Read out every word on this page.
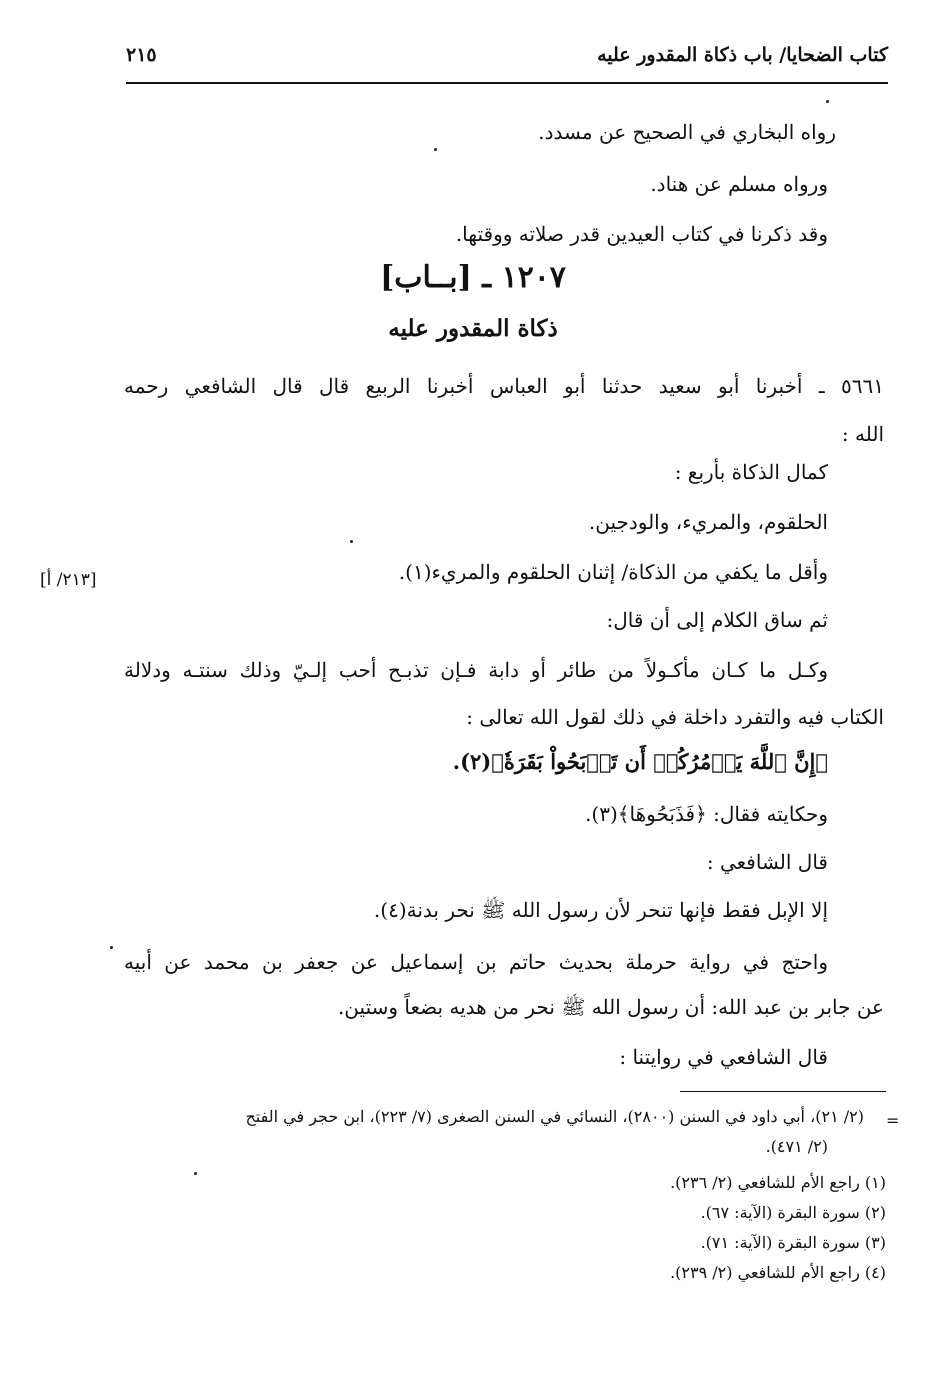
كتاب الضحايا/ باب ذكاة المقدور عليه
٢١٥
رواه البخاري في الصحيح عن مسدد.
ورواه مسلم عن هناد.
وقد ذكرنا في كتاب العيدين قدر صلاته ووقتها.
١٢٠٧ ـ [بــاب]
ذكاة المقدور عليه
٥٦٦١ ـ أخبرنا أبو سعيد حدثنا أبو العباس أخبرنا الربيع قال قال الشافعي رحمه
الله :
كمال الذكاة بأربع :
الحلقوم، والمريء، والودجين.
وأقل ما يكفي من الذكاة/ إثنان الحلقوم والمريء(١).
[٢١٣/ أ]
ثم ساق الكلام إلى أن قال:
وكـل ما كـان مأكـولاً من طائر أو دابة فـإن تذبـح أحب إلـيّ وذلك سنتـه ودلالة
الكتاب فيه والتفرد داخلة في ذلك لقول الله تعالى :
﴿إِنَّ ٱللَّهَ يَأۡمُرُكُمۡ أَن تَذۡبَحُواْ بَقَرَةٗ﴾(٢).
وحكايته فقال: ﴿فَذَبَحُوهَا﴾(٣).
قال الشافعي :
إلا الإبل فقط فإنها تنحر لأن رسول الله ﷺ نحر بدنة(٤).
واحتج في رواية حرملة بحديث حاتم بن إسماعيل عن جعفر بن محمد عن أبيه
عن جابر بن عبد الله: أن رسول الله ﷺ نحر من هديه بضعاً وستين.
قال الشافعي في روايتنا :
=
(٢/ ٢١)، أبي داود في السنن (٢٨٠٠)، النسائي في السنن الصغرى (٧/ ٢٢٣)، ابن حجر في الفتح
(٢/ ٤٧١).
(١) راجع الأم للشافعي (٢/ ٢٣٦).
(٢) سورة البقرة (الآية: ٦٧).
(٣) سورة البقرة (الآية: ٧١).
(٤) راجع الأم للشافعي (٢/ ٢٣٩).
